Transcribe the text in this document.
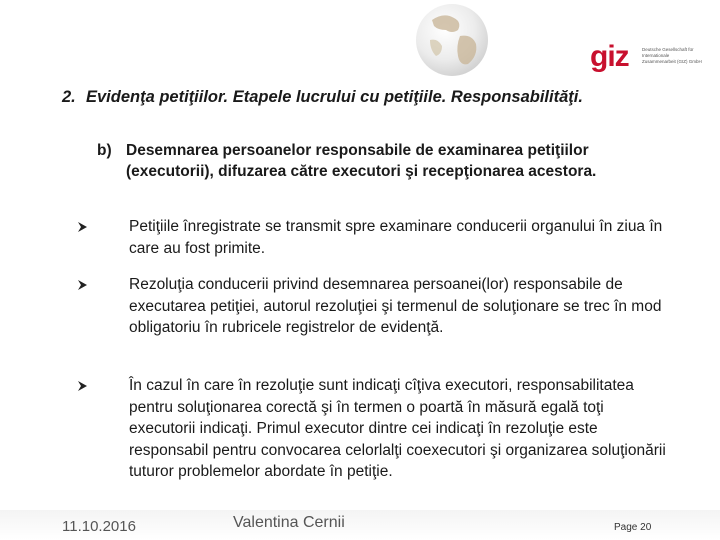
giz	Deutsche Gesellschaft für Internationale Zusammenarbeit (GIZ) GmbH
2. Evidenţa petiţiilor. Etapele lucrului cu petiţiile. Responsabilităţi.
b) Desemnarea persoanelor responsabile de examinarea petiţiilor (executorii), difuzarea către executori şi recepţionarea acestora.
Petiţiile înregistrate se transmit spre examinare conducerii organului în ziua în care au fost primite.
Rezoluţia conducerii privind desemnarea persoanei(lor) responsabile de executarea petiţiei, autorul rezoluţiei şi termenul de soluţionare se trec în mod obligatoriu în rubricele registrelor de evidenţă.
În cazul în care în rezoluţie sunt indicaţi cîţiva executori, responsabilitatea pentru soluţionarea corectă şi în termen o poartă în măsură egală toţi executorii indicaţi. Primul executor dintre cei indicaţi în rezoluţie este responsabil pentru convocarea celorlalţi coexecutori şi organizarea soluţionării tuturor problemelor abordate în petiţie.
11.10.2016	Valentina Cernii	Page 20
